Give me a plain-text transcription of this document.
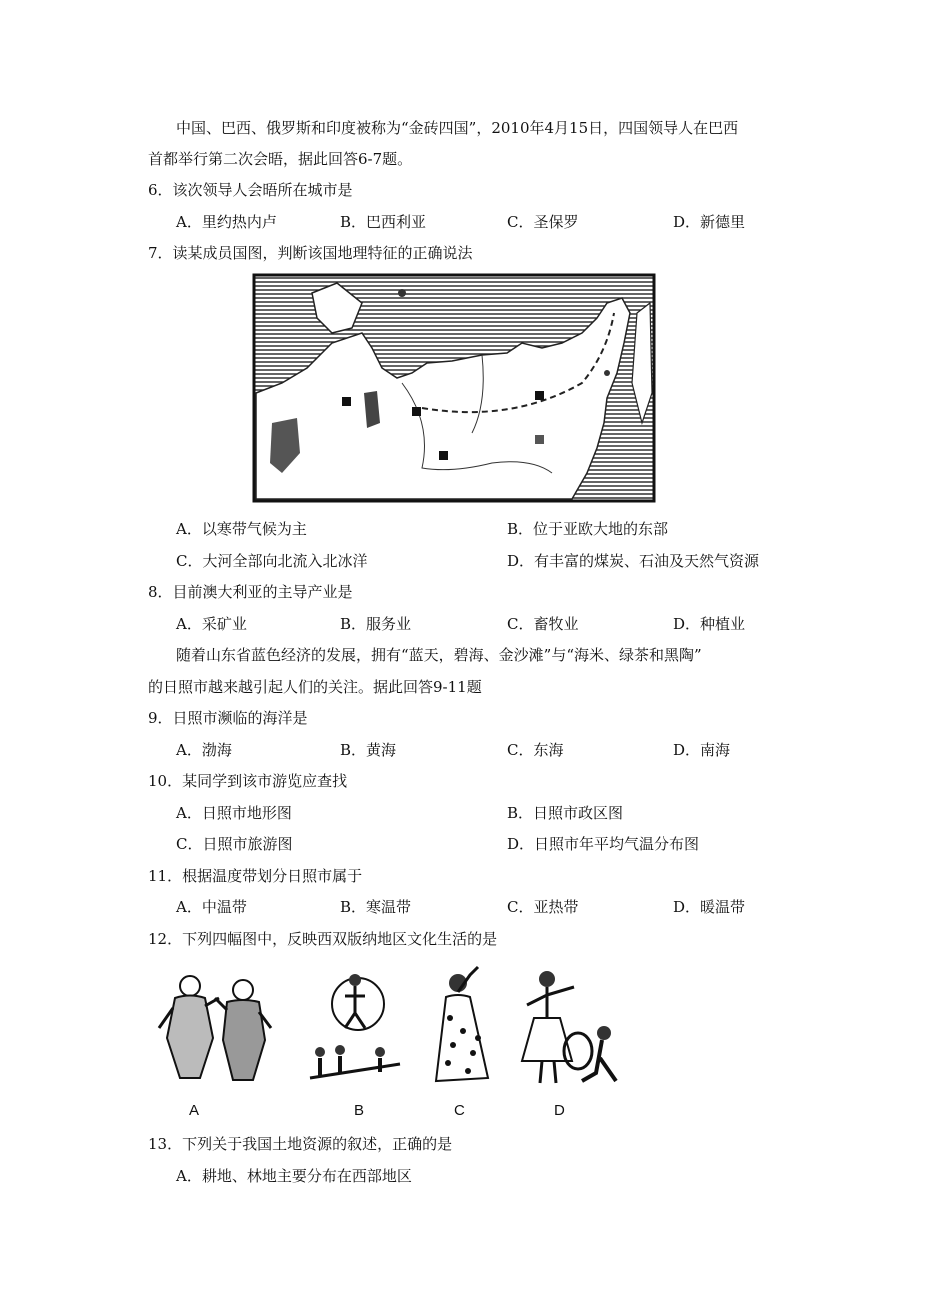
中国、巴西、俄罗斯和印度被称为“金砖四国”，2010年4月15日，四国领导人在巴西
首都举行第二次会晤，据此回答6-7题。
6．该次领导人会晤所在城市是
A．里约热内卢	B．巴西利亚	C．圣保罗	D．新德里
7．读某成员国图，判断该国地理特征的正确说法
A．以寒带气候为主	B．位于亚欧大地的东部
C．大河全部向北流入北冰洋	D．有丰富的煤炭、石油及天然气资源
8．目前澳大利亚的主导产业是
A．采矿业	B．服务业	C．畜牧业	D．种植业
随着山东省蓝色经济的发展，拥有“蓝天，碧海、金沙滩”与“海米、绿茶和黑陶”
的日照市越来越引起人们的关注。据此回答9-11题
9．日照市濒临的海洋是
A．渤海	B．黄海	C．东海	D．南海
10．某同学到该市游览应查找
A．日照市地形图	B．日照市政区图
C．日照市旅游图	D．日照市年平均气温分布图
11．根据温度带划分日照市属于
A．中温带	B．寒温带	C．亚热带	D．暖温带
12．下列四幅图中，反映西双版纳地区文化生活的是
A	B	C	D
13．下列关于我国土地资源的叙述，正确的是
A．耕地、林地主要分布在西部地区
